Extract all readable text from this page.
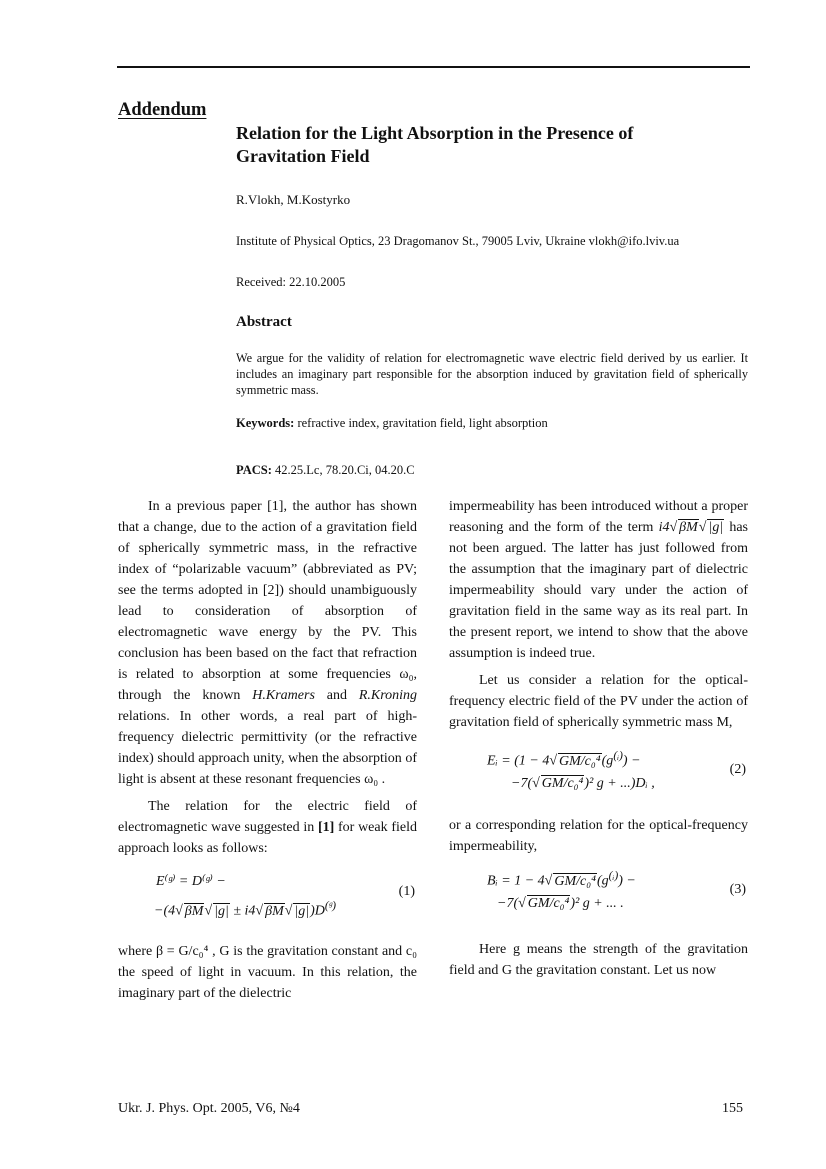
Addendum
Relation for the Light Absorption in the Presence of Gravitation Field
R.Vlokh, M.Kostyrko
Institute of Physical Optics, 23 Dragomanov St., 79005 Lviv, Ukraine vlokh@ifo.lviv.ua
Received: 22.10.2005
Abstract
We argue for the validity of relation for electromagnetic wave electric field derived by us earlier. It includes an imaginary part responsible for the absorption induced by gravitation field of spherically symmetric mass.
Keywords: refractive index, gravitation field, light absorption
PACS: 42.25.Lc, 78.20.Ci, 04.20.C

In a previous paper [1], the author has shown that a change, due to the action of a gravitation field of spherically symmetric mass, in the refractive index of “polarizable vacuum” (abbreviated as PV; see the terms adopted in [2]) should unambiguously lead to consideration of absorption of electromagnetic wave energy by the PV. This conclusion has been based on the fact that refraction is related to absorption at some frequencies ω₀, through the known H.Kramers and R.Kroning relations. In other words, a real part of high-frequency dielectric permittivity (or the refractive index) should approach unity, when the absorption of light is absent at these resonant frequencies ω₀ .

The relation for the electric field of electromagnetic wave suggested in [1] for weak field approach looks as follows:

E⁽ᵍ⁾ = D⁽ᵍ⁾ −
−(4√ βM√ |g| ± i4√ βM√ $|g|)D^{(ᵍ)}$
(1)

where β = G/c₀⁴ , G is the gravitation constant and c₀ the speed of light in vacuum. In this relation, the imaginary part of the dielectric

impermeability has been introduced without a proper reasoning and the form of the term i4√ βM√ |g| has not been argued. The latter has just followed from the assumption that the imaginary part of dielectric impermeability should vary under the action of gravitation field in the same way as its real part. In the present report, we intend to show that the above assumption is indeed true.

Let us consider a relation for the optical-frequency electric field of the PV under the action of gravitation field of spherically symmetric mass M,

Eᵢ = (1 − 4√ $GM/c_0^4(g^{(ᵢ)})$ −
−7(√ GM/c₀⁴)² g + ...)Dᵢ ,
(2)

or a corresponding relation for the optical-frequency impermeability,

Bᵢ = 1 − 4√ $GM/c_0^4(g^{(ᵢ)})$ −
−7(√ GM/c₀⁴)² g + ... .
(3)

Here g means the strength of the gravitation field and G the gravitation constant. Let us now

Ukr. J. Phys. Opt. 2005, V6, №4	155
